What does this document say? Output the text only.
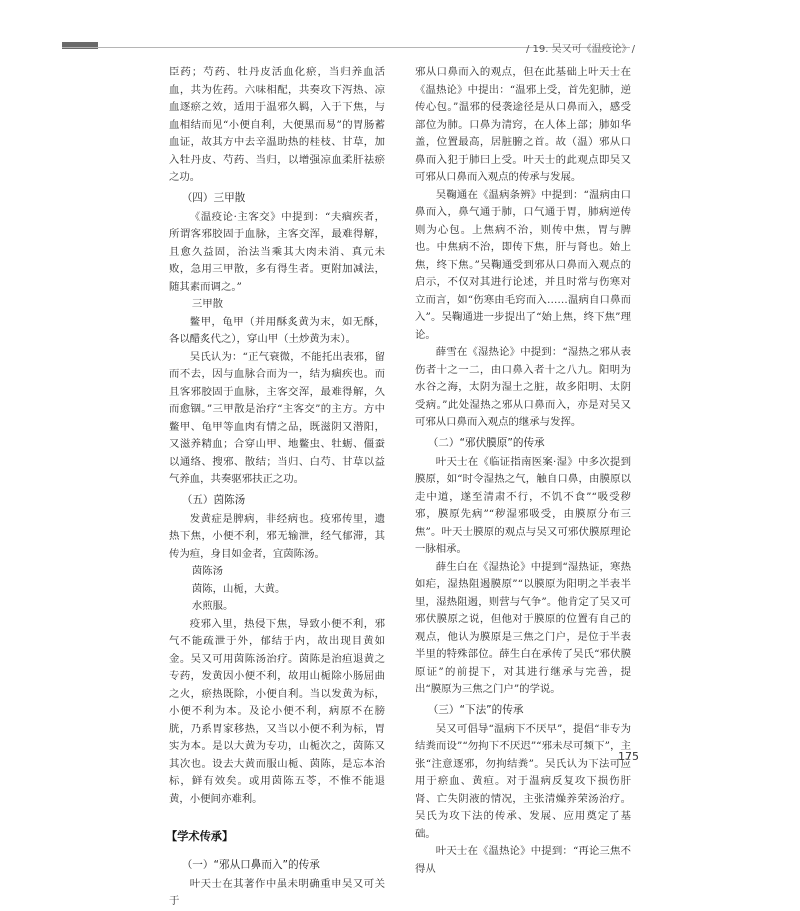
/ 19. 吴又可《温疫论》/

臣药；芍药、牡丹皮活血化瘀，当归养血活血，共为佐药。六味相配，共奏攻下泻热、凉血逐瘀之效，适用于温邪久羁，入于下焦，与血相结而见“小便自利，大便黑而易”的胃肠蓄血证，故其方中去辛温助热的桂枝、甘草，加入牡丹皮、芍药、当归，以增强凉血柔肝祛瘀之功。

（四）三甲散

《温疫论·主客交》中提到：“夫痼疾者，所谓客邪胶固于血脉，主客交浑，最难得解，且愈久益固，治法当乘其大肉未消、真元未败，急用三甲散，多有得生者。更附加减法，随其素而调之。”

三甲散

鳖甲，龟甲（并用酥炙黄为末，如无酥，各以醋炙代之），穿山甲（土炒黄为末）。

吴氏认为：“正气衰微，不能托出表邪，留而不去，因与血脉合而为一，结为痼疾也。而且客邪胶固于血脉，主客交浑，最难得解，久而愈锢。”三甲散是治疗“主客交”的主方。方中鳖甲、龟甲等血肉有情之品，既滋阴又潜阳，又滋养精血；合穿山甲、地鳖虫、牡蛎、僵蚕以通络、搜邪、散结；当归、白芍、甘草以益气养血，共奏驱邪扶正之功。

（五）茵陈汤

发黄症是脾病，非经病也。疫邪传里，遗热下焦，小便不利，邪无输泄，经气郁滞，其传为疸，身目如金者，宜茵陈汤。

茵陈汤

茵陈，山栀，大黄。

水煎服。

疫邪入里，热侵下焦，导致小便不利，邪气不能疏泄于外，郁结于内，故出现目黄如金。吴又可用茵陈汤治疗。茵陈是治疸退黄之专药，发黄因小便不利，故用山栀除小肠屈曲之火，瘀热既除，小便自利。当以发黄为标，小便不利为本。及论小便不利，病原不在膀胱，乃系胃家移热，又当以小便不利为标，胃实为本。是以大黄为专功，山栀次之，茵陈又其次也。设去大黄而服山栀、茵陈，是忘本治标，鲜有效矣。或用茵陈五苓，不惟不能退黄，小便间亦难利。

【学术传承】
（一）“邪从口鼻而入”的传承

叶天士在其著作中虽未明确重申吴又可关于

邪从口鼻而入的观点，但在此基础上叶天士在《温热论》中提出：“温邪上受，首先犯肺，逆传心包。”温邪的侵袭途径是从口鼻而入，感受部位为肺。口鼻为清窍，在人体上部；肺如华盖，位置最高，居脏腑之首。故（温）邪从口鼻而入犯于肺曰上受。叶天士的此观点即吴又可邪从口鼻而入观点的传承与发展。

吴鞠通在《温病条辨》中提到：“温病由口鼻而入，鼻气通于肺，口气通于胃，肺病逆传则为心包。上焦病不治，则传中焦，胃与脾也。中焦病不治，即传下焦，肝与肾也。始上焦，终下焦。”吴鞠通受到邪从口鼻而入观点的启示，不仅对其进行论述，并且时常与伤寒对立而言，如“伤寒由毛窍而入……温病自口鼻而入”。吴鞠通进一步提出了“始上焦，终下焦”理论。

薛雪在《湿热论》中提到：“湿热之邪从表伤者十之一二，由口鼻入者十之八九。阳明为水谷之海，太阴为湿土之脏，故多阳明、太阴受病。”此处湿热之邪从口鼻而入，亦是对吴又可邪从口鼻而入观点的继承与发挥。

（二）“邪伏膜原”的传承

叶天士在《临证指南医案·湿》中多次提到膜原，如“时令湿热之气，触自口鼻，由膜原以走中道，遂至清肃不行，不饥不食”“吸受秽邪，膜原先病”“秽湿邪吸受，由膜原分布三焦”。叶天士膜原的观点与吴又可邪伏膜原理论一脉相承。

薛生白在《湿热论》中提到“湿热证，寒热如疟，湿热阻遏膜原”“以膜原为阳明之半表半里，湿热阻遏，则营与气争”。他肯定了吴又可邪伏膜原之说，但他对于膜原的位置有自己的观点，他认为膜原是三焦之门户，是位于半表半里的特殊部位。薛生白在承传了吴氏“邪伏膜原证”的前提下，对其进行继承与完善，提出“膜原为三焦之门户”的学说。

（三）“下法”的传承

吴又可倡导“温病下不厌早”，提倡“非专为结粪而设”“勿拘下不厌迟”“邪未尽可频下”，主张“注意逐邪，勿拘结粪”。吴氏认为下法可应用于瘀血、黄疸。对于温病反复攻下损伤肝肾、亡失阴液的情况，主张清燥养荣汤治疗。吴氏为攻下法的传承、发展、应用奠定了基础。

叶天士在《温热论》中提到：“再论三焦不得从

175
